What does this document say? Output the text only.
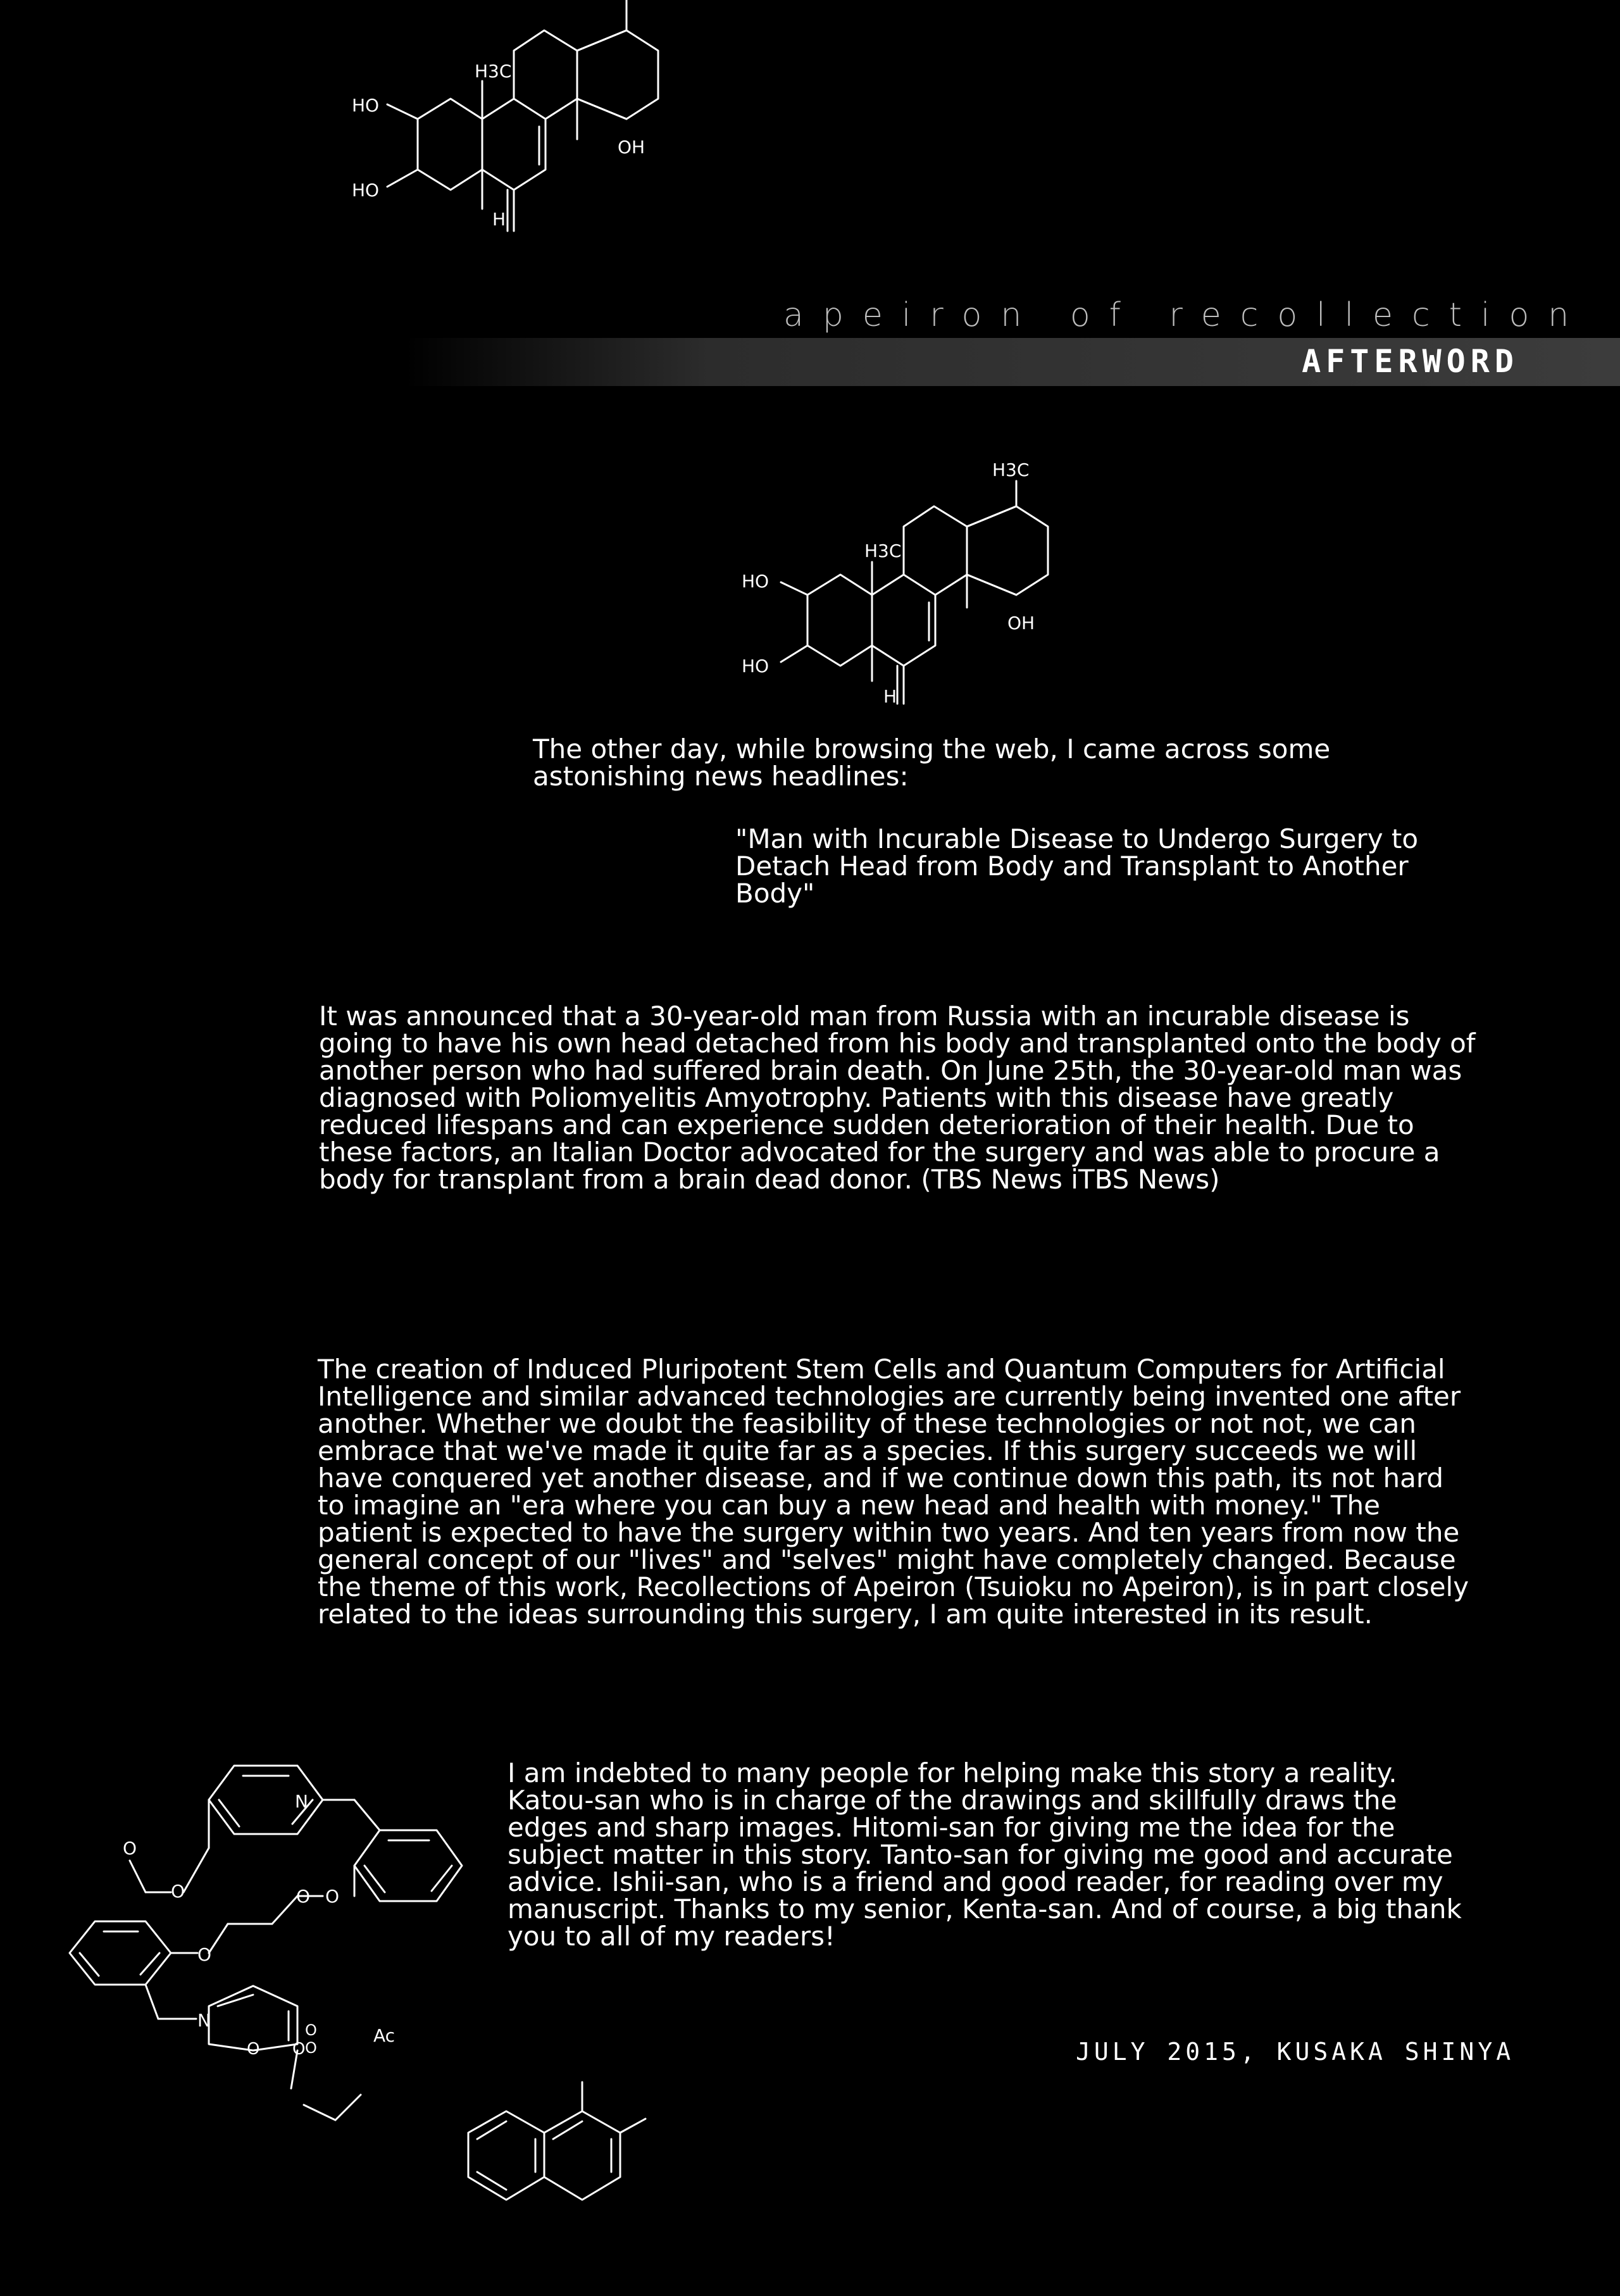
H3C
HO
HO
OH
H
apeiron of recollection
AFTERWORD
H3C
H3C
HO
HO
OH
H
The other day, while browsing the web, I came across some astonishing news headlines:
"Man with Incurable Disease to Undergo Surgery to Detach Head from Body and Transplant to Another Body"
It was announced that a 30-year-old man from Russia with an incurable disease is going to have his own head detached from his body and transplanted onto the body of another person who had suffered brain death. On June 25th, the 30-year-old man was diagnosed with Poliomyelitis Amyotrophy. Patients with this disease have greatly reduced lifespans and can experience sudden deterioration of their health. Due to these factors, an Italian Doctor advocated for the surgery and was able to procure a body for transplant from a brain dead donor. (TBS News iTBS News)
The creation of Induced Pluripotent Stem Cells and Quantum Computers for Artificial Intelligence and similar advanced technologies are currently being invented one after another. Whether we doubt the feasibility of these technologies or not not, we can embrace that we've made it quite far as a species. If this surgery succeeds we will have conquered yet another disease, and if we continue down this path, its not hard to imagine an "era where you can buy a new head and health with money." The patient is expected to have the surgery within two years. And ten years from now the general concept of our "lives" and "selves" might have completely changed. Because the theme of this work, Recollections of Apeiron (Tsuioku no Apeiron), is in part closely related to the ideas surrounding this surgery, I am quite interested in its result.
I am indebted to many people for helping make this story a reality. Katou-san who is in charge of the drawings and skillfully draws the edges and sharp images. Hitomi-san for giving me the idea for the subject matter in this story. Tanto-san for giving me good and accurate advice. Ishii-san, who is a friend and good reader, for reading over my manuscript. Thanks to my senior, Kenta-san. And of course, a big thank you to all of my readers!
JULY 2015, KUSAKA SHINYA
O
O
N
O O
O
N
O
O
O
O
Ac
